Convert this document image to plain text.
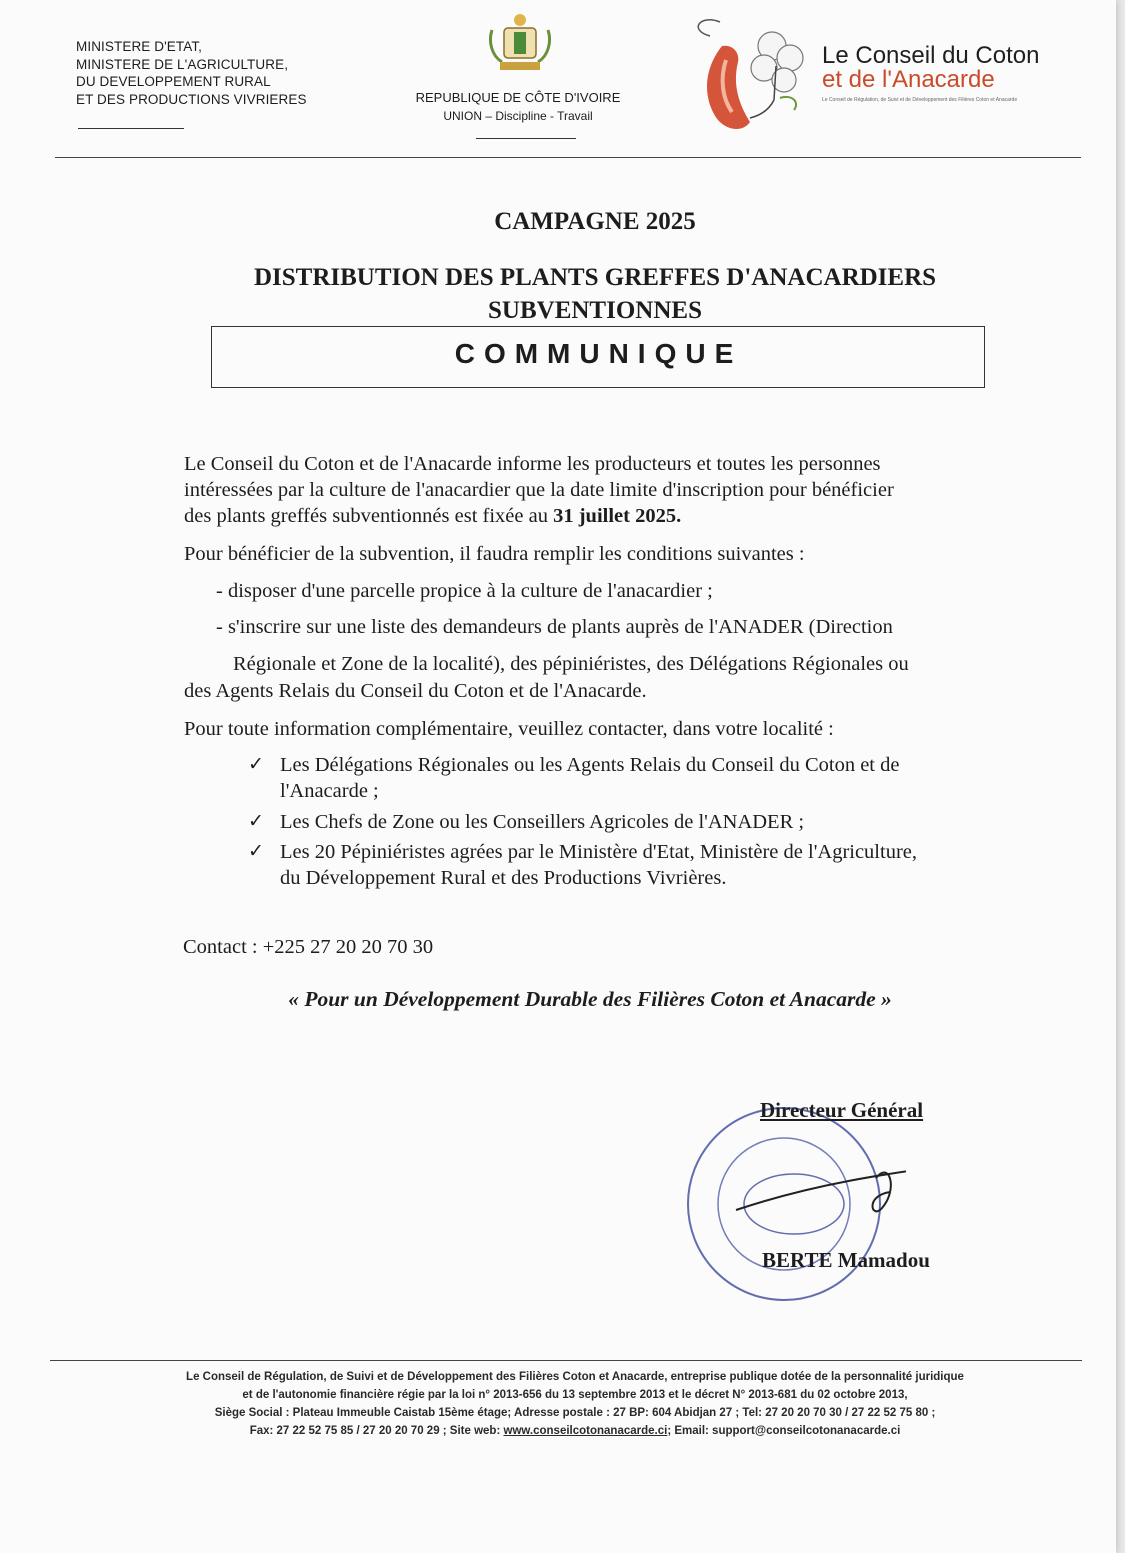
MINISTERE D'ETAT,
MINISTERE DE L'AGRICULTURE,
DU DEVELOPPEMENT RURAL
ET DES PRODUCTIONS VIVRIERES	REPUBLIQUE DE CÔTE D'IVOIRE
UNION – Discipline - Travail
Le Conseil du Coton
et de l'Anacarde
Le Conseil de Régulation, de Suivi et de Développement des Filières Coton et Anacarde
CAMPAGNE 2025
DISTRIBUTION DES PLANTS GREFFES D'ANACARDIERS
SUBVENTIONNES
COMMUNIQUE
Le Conseil du Coton et de l'Anacarde informe les producteurs et toutes les personnes
intéressées par la culture de l'anacardier que la date limite d'inscription pour bénéficier
des plants greffés subventionnés est fixée au 31 juillet 2025.
Pour bénéficier de la subvention, il faudra remplir les conditions suivantes :
- disposer d'une parcelle propice à la culture de l'anacardier ;
- s'inscrire sur une liste des demandeurs de plants auprès de l'ANADER (Direction
Régionale et Zone de la localité), des pépiniéristes, des Délégations Régionales ou
des Agents Relais du Conseil du Coton et de l'Anacarde.
Pour toute information complémentaire, veuillez contacter, dans votre localité :
✓ Les Délégations Régionales ou les Agents Relais du Conseil du Coton et de
l'Anacarde ;
✓ Les Chefs de Zone ou les Conseillers Agricoles de l'ANADER ;
✓ Les 20 Pépiniéristes agrées par le Ministère d'Etat, Ministère de l'Agriculture,
du Développement Rural et des Productions Vivrières.
Contact : +225 27 20 20 70 30
« Pour un Développement Durable des Filières Coton et Anacarde »
Directeur Général
BERTE Mamadou
Le Conseil de Régulation, de Suivi et de Développement des Filières Coton et Anacarde, entreprise publique dotée de la personnalité juridique
et de l'autonomie financière régie par la loi n° 2013-656 du 13 septembre 2013 et le décret N° 2013-681 du 02 octobre 2013,
Siège Social : Plateau Immeuble Caistab 15ème étage; Adresse postale : 27 BP: 604 Abidjan 27 ; Tel: 27 20 20 70 30 / 27 22 52 75 80 ;
Fax: 27 22 52 75 85 / 27 20 20 70 29 ; Site web: www.conseilcotonanacarde.ci; Email: support@conseilcotonanacarde.ci
